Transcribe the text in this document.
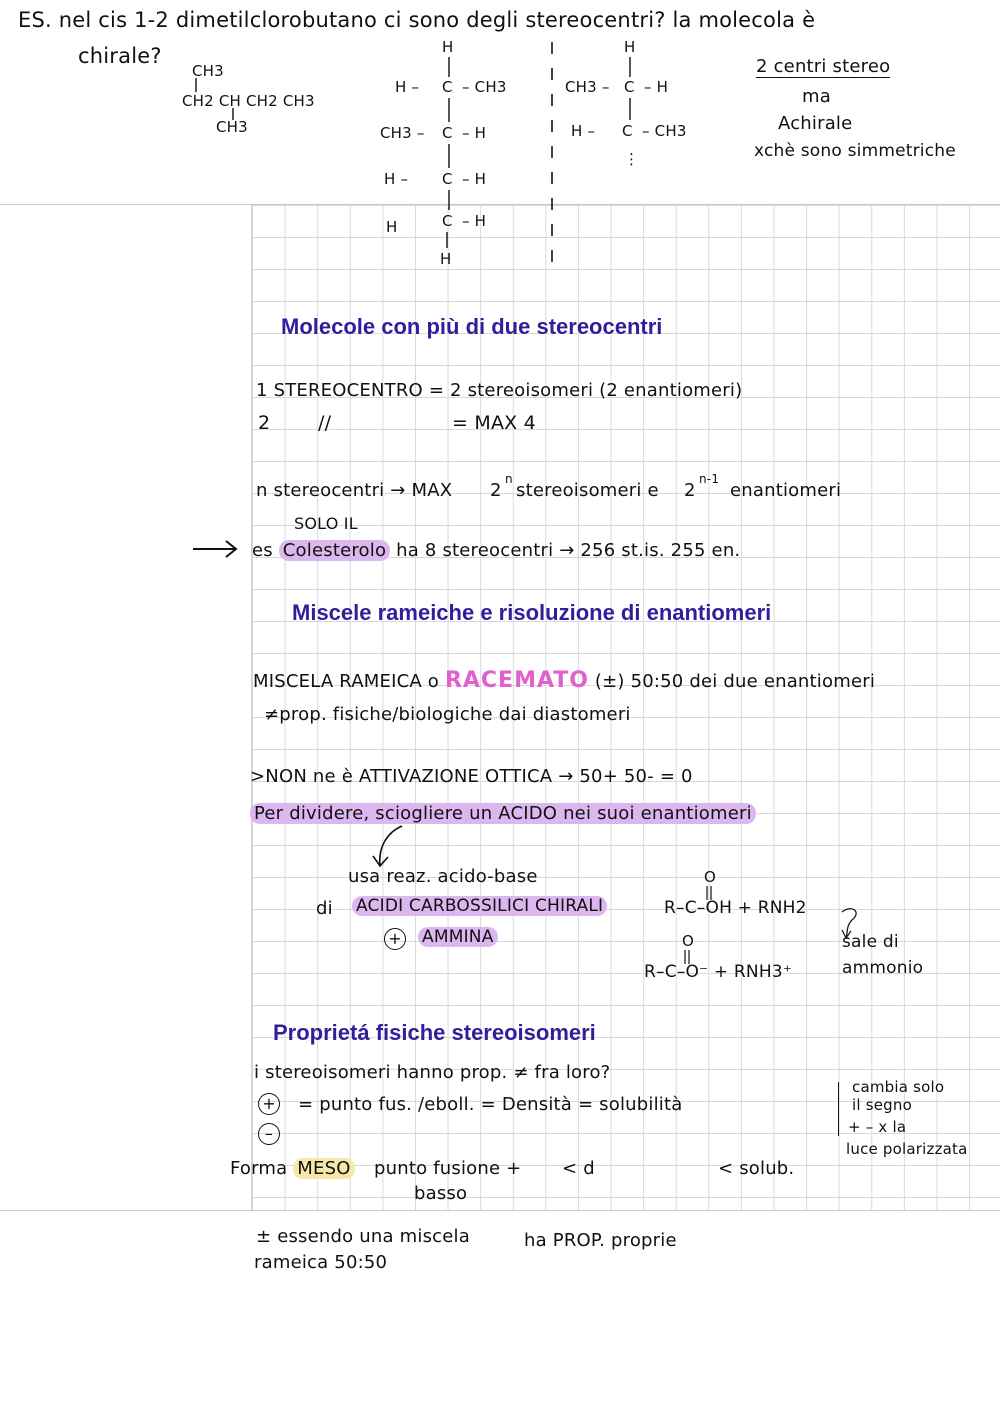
ES. nel cis 1-2 dimetilclorobutano ci sono degli stereocentri? la molecola è
chirale?
CH3
CH2 CH CH2 CH3
CH3
H
H – C – CH3
CH3 – C – H
H – C – H
H	C – H
H
H
CH3 – C – H
H – C – CH3
⋮
2 centri stereo
ma
Achirale
xchè sono simmetriche
Molecole con più di due stereocentri
1 STEREOCENTRO = 2 stereoisomeri (2 enantiomeri)
2	//	= MAX 4
n stereocentri → MAX 2
n
stereoisomeri e 2
n-1
enantiomeri
SOLO IL
es Colesterolo ha 8 stereocentri → 256 st.is. 255 en.
Miscele rameiche e risoluzione di enantiomeri
MISCELA RAMEICA o RACEMATO (±) 50:50 dei due enantiomeri
≠prop. fisiche/biologiche dai diastomeri
>NON ne è ATTIVAZIONE OTTICA → 50+ 50- = 0
Per dividere, sciogliere un ACIDO nei suoi enantiomeri
usa reaz. acido-base
di ACIDI CARBOSSILICI CHIRALI
+ AMMINA
O
R–C–OH + RNH2
O
R–C–O⁻ + RNH3⁺
sale di
ammonio
Proprietá fisiche stereoisomeri
i stereoisomeri hanno prop. ≠ fra loro?
+
–
= punto fus. /eboll. = Densità = solubilità
cambia solo
il segno
+ – x la
luce polarizzata
Forma MESO punto fusione +
basso
< d	< solub.
± essendo una miscela
rameica 50:50
ha PROP. proprie
